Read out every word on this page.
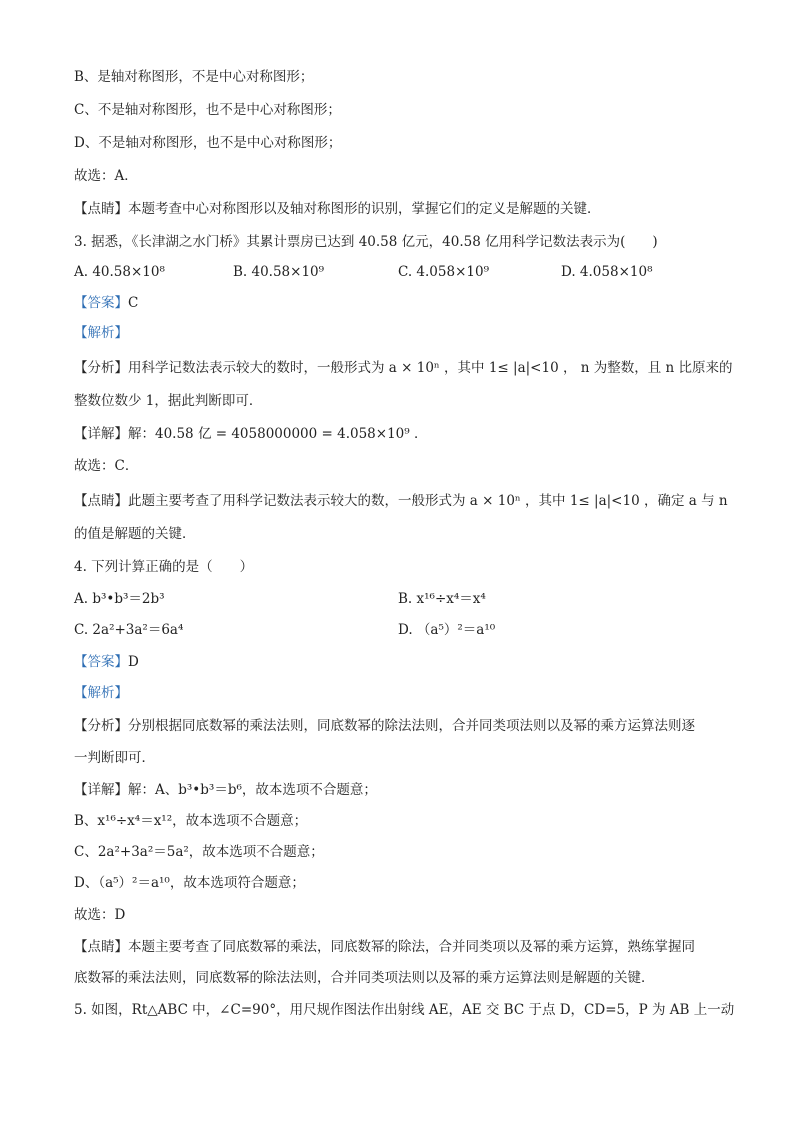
B、是轴对称图形，不是中心对称图形；
C、不是轴对称图形，也不是中心对称图形；
D、不是轴对称图形，也不是中心对称图形；
故选：A．
【点睛】本题考查中心对称图形以及轴对称图形的识别，掌握它们的定义是解题的关键．
3. 据悉，《长津湖之水门桥》其累计票房已达到 40.58 亿元，40.58 亿用科学记数法表示为(　　)
A. 40.58×10⁸	B. 40.58×10⁹	C. 4.058×10⁹	D. 4.058×10⁸
【答案】C
【解析】
【分析】用科学记数法表示较大的数时，一般形式为 a × 10ⁿ ，其中 1≤ |a|<10 ， n 为整数，且 n 比原来的
整数位数少 1，据此判断即可．
【详解】解：40.58 亿 = 4058000000 = 4.058×10⁹ ．
故选：C．
【点睛】此题主要考查了用科学记数法表示较大的数，一般形式为 a × 10ⁿ ，其中 1≤ |a|<10 ，确定 a 与 n
的值是解题的关键．
4. 下列计算正确的是（　　）
A. b³•b³＝2b³	B. x¹⁶÷x⁴＝x⁴
C. 2a²+3a²＝6a⁴	D. （a⁵）²＝a¹⁰
【答案】D
【解析】
【分析】分别根据同底数幂的乘法法则，同底数幂的除法法则，合并同类项法则以及幂的乘方运算法则逐
一判断即可．
【详解】解：A、b³•b³＝b⁶，故本选项不合题意；
B、x¹⁶÷x⁴＝x¹²，故本选项不合题意；
C、2a²+3a²＝5a²，故本选项不合题意；
D、（a⁵）²＝a¹⁰，故本选项符合题意；
故选：D
【点睛】本题主要考查了同底数幂的乘法，同底数幂的除法，合并同类项以及幂的乘方运算，熟练掌握同
底数幂的乘法法则，同底数幂的除法法则，合并同类项法则以及幂的乘方运算法则是解题的关键．
5. 如图，Rt△ABC 中，∠C=90°，用尺规作图法作出射线 AE，AE 交 BC 于点 D，CD=5，P 为 AB 上一动
